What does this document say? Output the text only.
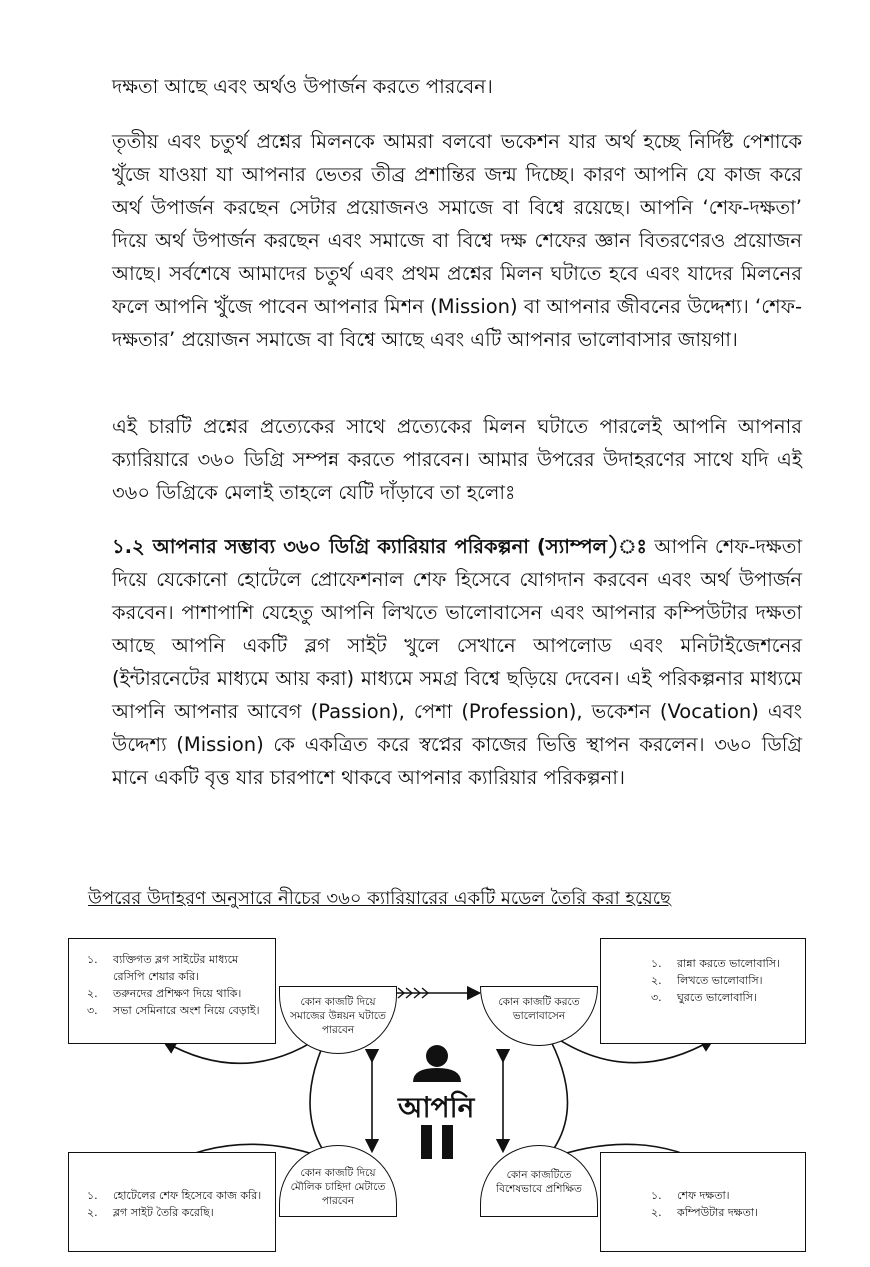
দক্ষতা আছে এবং অর্থও উপার্জন করতে পারবেন।

তৃতীয় এবং চতুর্থ প্রশ্নের মিলনকে আমরা বলবো ভকেশন যার অর্থ হচ্ছে নির্দিষ্ট পেশাকে খুঁজে যাওয়া যা আপনার ভেতর তীব্র প্রশান্তির জন্ম দিচ্ছে। কারণ আপনি যে কাজ করে অর্থ উপার্জন করছেন সেটার প্রয়োজনও সমাজে বা বিশ্বে রয়েছে। আপনি ‘শেফ-দক্ষতা’ দিয়ে অর্থ উপার্জন করছেন এবং সমাজে বা বিশ্বে দক্ষ শেফের জ্ঞান বিতরণেরও প্রয়োজন আছে। সর্বশেষে আমাদের চতুর্থ এবং প্রথম প্রশ্নের মিলন ঘটাতে হবে এবং যাদের মিলনের ফলে আপনি খুঁজে পাবেন আপনার মিশন (Mission) বা আপনার জীবনের উদ্দেশ্য। ‘শেফ-দক্ষতার’ প্রয়োজন সমাজে বা বিশ্বে আছে এবং এটি আপনার ভালোবাসার জায়গা।

এই চারটি প্রশ্নের প্রত্যেকের সাথে প্রত্যেকের মিলন ঘটাতে পারলেই আপনি আপনার ক্যারিয়ারে ৩৬০ ডিগ্রি সম্পন্ন করতে পারবেন। আমার উপরের উদাহরণের সাথে যদি এই ৩৬০ ডিগ্রিকে মেলাই তাহলে যেটি দাঁড়াবে তা হলোঃ

১.২ আপনার সম্ভাব্য ৩৬০ ডিগ্রি ক্যারিয়ার পরিকল্পনা (স্যাম্পল)ঃ আপনি শেফ-দক্ষতা দিয়ে যেকোনো হোটেলে প্রোফেশনাল শেফ হিসেবে যোগদান করবেন এবং অর্থ উপার্জন করবেন। পাশাপাশি যেহেতু আপনি লিখতে ভালোবাসেন এবং আপনার কম্পিউটার দক্ষতা আছে আপনি একটি ব্লগ সাইট খুলে সেখানে আপলোড এবং মনিটাইজেশনের (ইন্টারনেটের মাধ্যমে আয় করা) মাধ্যমে সমগ্র বিশ্বে ছড়িয়ে দেবেন। এই পরিকল্পনার মাধ্যমে আপনি আপনার আবেগ (Passion), পেশা (Profession), ভকেশন (Vocation) এবং উদ্দেশ্য (Mission) কে একত্রিত করে স্বপ্নের কাজের ভিত্তি স্থাপন করলেন। ৩৬০ ডিগ্রি মানে একটি বৃত্ত যার চারপাশে থাকবে আপনার ক্যারিয়ার পরিকল্পনা।

উপরের উদাহরণ অনুসারে নীচের ৩৬০ ক্যারিয়ারের একটি মডেল তৈরি করা হয়েছে

আপনি
১. ব্যক্তিগত ব্লগ সাইটের মাধ্যমে রেসিপি শেয়ার করি।
২. তরুনদের প্রশিক্ষণ দিয়ে থাকি।
৩. সভা সেমিনারে অংশ নিয়ে বেড়াই।
১. রান্না করতে ভালোবাসি।
২. লিখতে ভালোবাসি।
৩. ঘুরতে ভালোবাসি।
১. হোটেলের শেফ হিসেবে কাজ করি।
২. ব্লগ সাইট তৈরি করেছি।
১. শেফ দক্ষতা।
২. কম্পিউটার দক্ষতা।
কোন কাজটি দিয়ে সমাজের উন্নয়ন ঘটাতে পারবেন
কোন কাজটি করতে ভালোবাসেন
কোন কাজটি দিয়ে মৌলিক চাহিদা মেটাতে পারবেন
কোন কাজটিতে বিশেষভাবে প্রশিক্ষিত
